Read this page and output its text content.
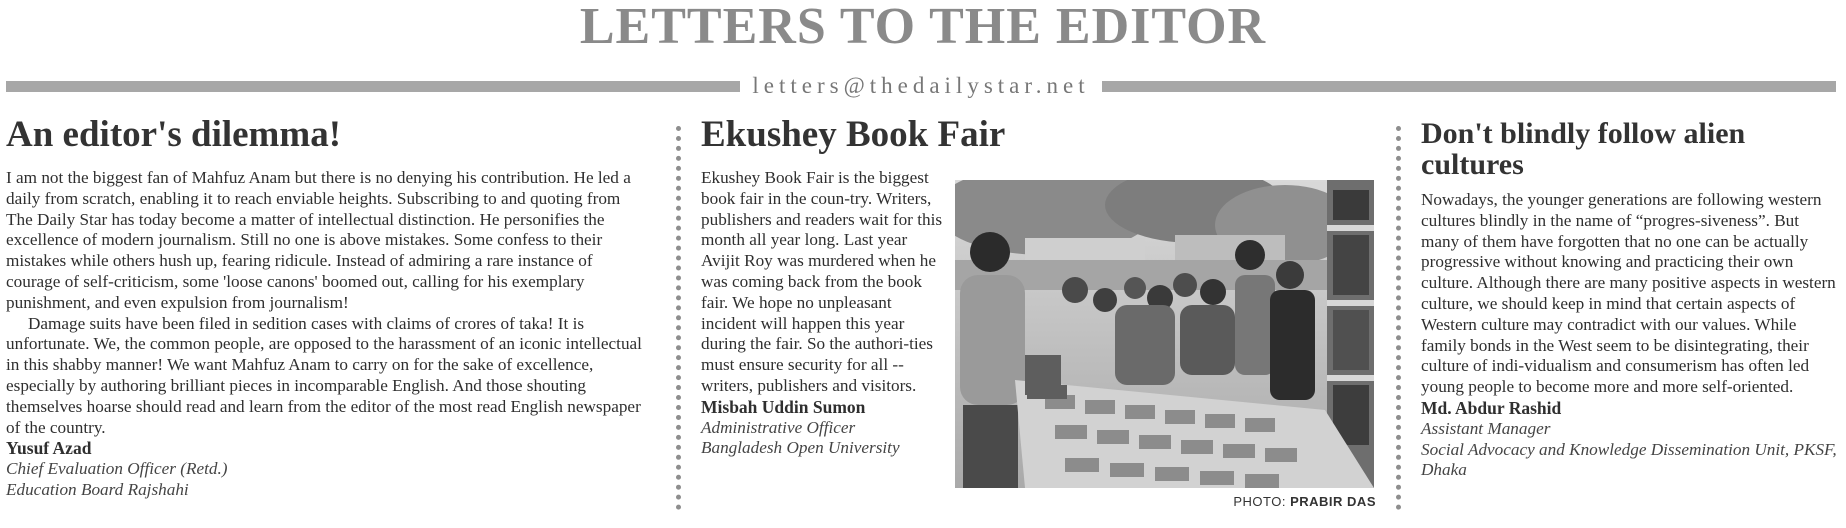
LETTERS TO THE EDITOR
letters@thedailystar.net
An editor's dilemma!

I am not the biggest fan of Mahfuz Anam but there is no denying his contribution. He led a daily from scratch, enabling it to reach enviable heights. Subscribing to and quoting from The Daily Star has today become a matter of intellectual distinction. He personifies the excellence of modern journalism. Still no one is above mistakes. Some confess to their mistakes while others hush up, fearing ridicule. Instead of admiring a rare instance of courage of self-criticism, some 'loose canons' boomed out, calling for his exemplary punishment, and even expulsion from journalism!

Damage suits have been filed in sedition cases with claims of crores of taka! It is unfortunate. We, the common people, are opposed to the harassment of an iconic intellectual in this shabby manner! We want Mahfuz Anam to carry on for the sake of excellence, especially by authoring brilliant pieces in incomparable English. And those shouting themselves hoarse should read and learn from the editor of the most read English newspaper of the country.

Yusuf Azad
Chief Evaluation Officer (Retd.)
Education Board Rajshahi
Ekushey Book Fair

Ekushey Book Fair is the biggest book fair in the coun-try. Writers, publishers and readers wait for this month all year long. Last year Avijit Roy was murdered when he was coming back from the book fair. We hope no unpleasant incident will happen this year during the fair. So the authori-ties must ensure security for all -- writers, publishers and visitors.

Misbah Uddin Sumon
Administrative Officer
Bangladesh Open University
PHOTO: PRABIR DAS
Don't blindly follow alien cultures

Nowadays, the younger generations are following western cultures blindly in the name of “progres-siveness”. But many of them have forgotten that no one can be actually progressive without knowing and practicing their own culture. Although there are many positive aspects in western culture, we should keep in mind that certain aspects of Western culture may contradict with our values. While family bonds in the West seem to be disintegrating, their culture of indi-vidualism and consumerism has often led young people to become more and more self-oriented.

Md. Abdur Rashid
Assistant Manager
Social Advocacy and Knowledge Dissemination Unit, PKSF, Dhaka
